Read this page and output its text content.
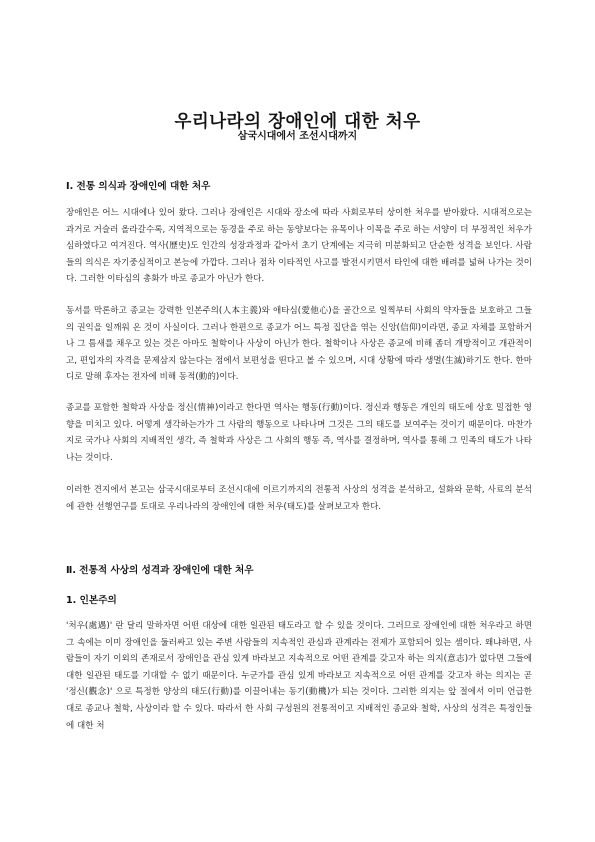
우리나라의 장애인에 대한 처우
삼국시대에서 조선시대까지
Ⅰ. 전통 의식과 장애인에 대한 처우

장애인은 어느 시대에나 있어 왔다. 그러나 장애인은 시대와 장소에 따라 사회로부터 상이한 처우를 받아왔다. 시대적으로는 과거로 거슬러 올라갈수록, 지역적으로는 동경을 주로 하는 동양보다는 유목이나 이목을 주로 하는 서양이 더 부정적인 처우가 심하였다고 여겨진다. 역사(歷史)도 인간의 성장과정과 같아서 초기 단계에는 지극히 미분화되고 단순한 성격을 보인다. 사람들의 의식은 자기중심적이고 본능에 가깝다. 그러나 점차 이타적인 사고를 발전시키면서 타인에 대한 배려를 넓혀 나가는 것이다. 그러한 이타심의 총화가 바로 종교가 아닌가 한다.

동서를 막론하고 종교는 강력한 인본주의(人本主義)와 애타심(愛他心)을 골간으로 일찍부터 사회의 약자들을 보호하고 그들의 권익을 일깨워 온 것이 사실이다. 그러나 한편으로 종교가 어느 특정 집단을 엮는 신앙(信仰)이라면, 종교 자체를 포함하거나 그 틈새를 채우고 있는 것은 아마도 철학이나 사상이 아닌가 한다. 철학이나 사상은 종교에 비해 좀더 개방적이고 개관적이고, 편입자의 자격을 문제삼지 않는다는 점에서 보편성을 띤다고 볼 수 있으며, 시대 상황에 따라 생멸(生滅)하기도 한다. 한마디로 말해 후자는 전자에 비해 동적(動的)이다.

종교를 포함한 철학과 사상을 정신(情神)이라고 한다면 역사는 행동(行動)이다. 정신과 행동은 개인의 태도에 상호 밀접한 영향을 미치고 있다. 어떻게 생각하는가가 그 사람의 행동으로 나타나며 그것은 그의 태도를 보여주는 것이기 때문이다. 마찬가지로 국가나 사회의 지배적인 생각, 즉 철학과 사상은 그 사회의 행동 즉, 역사를 결정하며, 역사를 통해 그 민족의 태도가 나타나는 것이다.

이러한 견지에서 본고는 삼국시대로부터 조선시대에 이르기까지의 전통적 사상의 성격을 분석하고, 설화와 문학, 사료의 분석에 관한 선행연구를 토대로 우리나라의 장애인에 대한 처우(태도)를 살펴보고자 한다.

Ⅱ. 전통적 사상의 성격과 장애인에 대한 처우
1. 인본주의

'처우(處遇)' 란 달리 말하자면 어떤 대상에 대한 일관된 태도라고 할 수 있을 것이다. 그러므로 장애인에 대한 처우라고 하면 그 속에는 이미 장애인을 둘러싸고 있는 주변 사람들의 지속적인 관심과 관계라는 전제가 포함되어 있는 셈이다. 왜냐하면, 사람들이 자기 이외의 존재로서 장애인을 관심 있게 바라보고 지속적으로 어떤 관계를 갖고자 하는 의지(意志)가 없다면 그들에 대한 일관된 태도를 기대할 수 없기 때문이다. 누군가를 관심 있게 바라보고 지속적으로 어떤 관계를 갖고자 하는 의지는 곧 '정신(觀念)' 으로 특정한 양상의 태도(行動)를 이끌어내는 동기(動機)가 되는 것이다. 그러한 의지는 앞 절에서 이미 언급한 대로 종교나 철학, 사상이라 할 수 있다. 따라서 한 사회 구성원의 전통적이고 지배적인 종교와 철학, 사상의 성격은 특정인들에 대한 처
